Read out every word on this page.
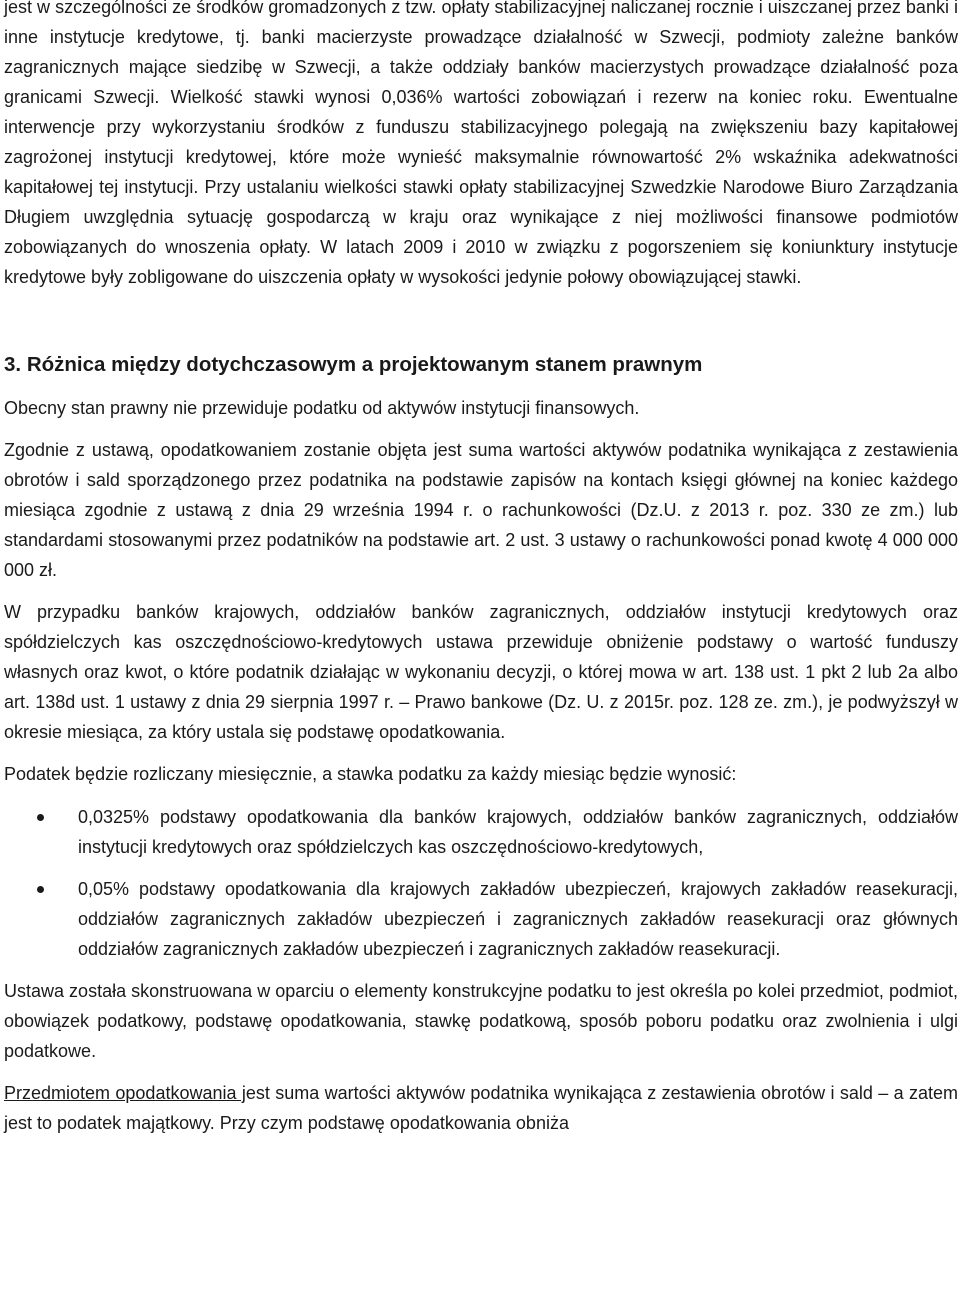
jest w szczególności ze środków gromadzonych z tzw. opłaty stabilizacyjnej naliczanej rocznie i uiszczanej przez banki i inne instytucje kredytowe, tj. banki macierzyste prowadzące działalność w Szwecji, podmioty zależne banków zagranicznych mające siedzibę w Szwecji, a także oddziały banków macierzystych prowadzące działalność poza granicami Szwecji. Wielkość stawki wynosi 0,036% wartości zobowiązań i rezerw na koniec roku. Ewentualne interwencje przy wykorzystaniu środków z funduszu stabilizacyjnego polegają na zwiększeniu bazy kapitałowej zagrożonej instytucji kredytowej, które może wynieść maksymalnie równowartość 2% wskaźnika adekwatności kapitałowej tej instytucji. Przy ustalaniu wielkości stawki opłaty stabilizacyjnej Szwedzkie Narodowe Biuro Zarządzania Długiem uwzględnia sytuację gospodarczą w kraju oraz wynikające z niej możliwości finansowe podmiotów zobowiązanych do wnoszenia opłaty. W latach 2009 i 2010 w związku z pogorszeniem się koniunktury instytucje kredytowe były zobligowane do uiszczenia opłaty w wysokości jedynie połowy obowiązującej stawki.

3. Różnica między dotychczasowym a projektowanym stanem prawnym

Obecny stan prawny nie przewiduje podatku od aktywów instytucji finansowych.

Zgodnie z ustawą, opodatkowaniem zostanie objęta jest suma wartości aktywów podatnika wynikająca z zestawienia obrotów i sald sporządzonego przez podatnika na podstawie zapisów na kontach księgi głównej na koniec każdego miesiąca zgodnie z ustawą z dnia 29 września 1994 r. o rachunkowości (Dz.U. z 2013 r. poz. 330 ze zm.) lub standardami stosowanymi przez podatników na podstawie art. 2 ust. 3 ustawy o rachunkowości ponad kwotę 4 000 000 000 zł.

W przypadku banków krajowych, oddziałów banków zagranicznych, oddziałów instytucji kredytowych oraz spółdzielczych kas oszczędnościowo-kredytowych ustawa przewiduje obniżenie podstawy o wartość funduszy własnych oraz kwot, o które podatnik działając w wykonaniu decyzji, o której mowa w art. 138 ust. 1 pkt 2 lub 2a albo art. 138d ust. 1 ustawy z dnia 29 sierpnia 1997 r. – Prawo bankowe (Dz. U. z 2015r. poz. 128 ze. zm.), je podwyższył w okresie miesiąca, za który ustala się podstawę opodatkowania.

Podatek będzie rozliczany miesięcznie, a stawka podatku za każdy miesiąc będzie wynosić:

0,0325% podstawy opodatkowania dla banków krajowych, oddziałów banków zagranicznych, oddziałów instytucji kredytowych oraz spółdzielczych kas oszczędnościowo-kredytowych,
0,05% podstawy opodatkowania dla krajowych zakładów ubezpieczeń, krajowych zakładów reasekuracji, oddziałów zagranicznych zakładów ubezpieczeń i zagranicznych zakładów reasekuracji oraz głównych oddziałów zagranicznych zakładów ubezpieczeń i zagranicznych zakładów reasekuracji.

Ustawa została skonstruowana w oparciu o elementy konstrukcyjne podatku to jest określa po kolei przedmiot, podmiot, obowiązek podatkowy, podstawę opodatkowania, stawkę podatkową, sposób poboru podatku oraz zwolnienia i ulgi podatkowe.

Przedmiotem opodatkowania jest suma wartości aktywów podatnika wynikająca z zestawienia obrotów i sald – a zatem jest to podatek majątkowy. Przy czym podstawę opodatkowania obniża
